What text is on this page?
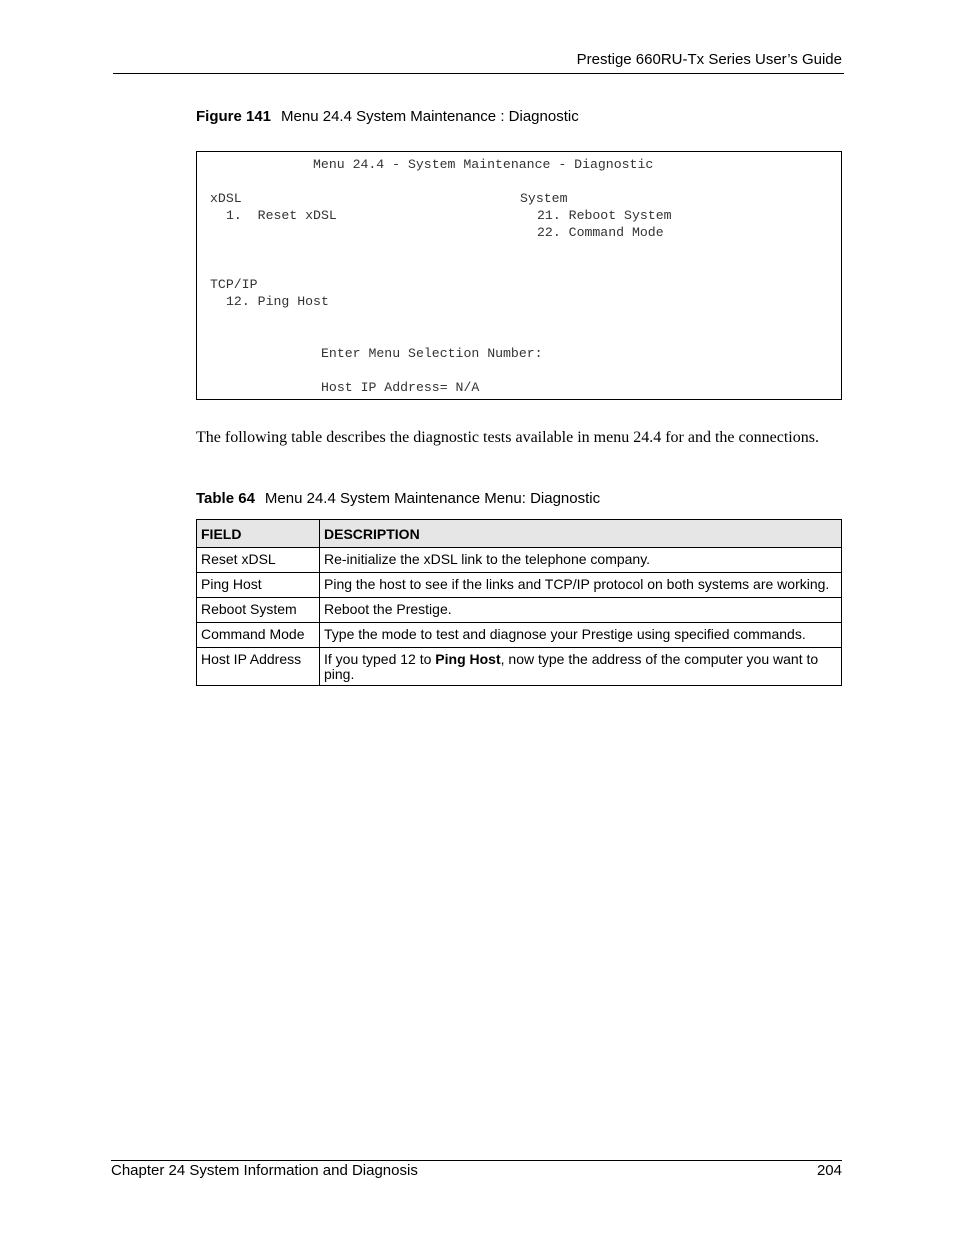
Prestige 660RU-Tx Series User’s Guide
Figure 141 Menu 24.4 System Maintenance : Diagnostic
Menu 24.4 - System Maintenance - Diagnostic
xDSL
1.  Reset xDSL
System
21. Reboot System
22. Command Mode
TCP/IP
12. Ping Host
Enter Menu Selection Number:
Host IP Address= N/A
The following table describes the diagnostic tests available in menu 24.4 for and the connections.
Table 64 Menu 24.4 System Maintenance Menu: Diagnostic
FIELD	DESCRIPTION
Reset xDSL	Re-initialize the xDSL link to the telephone company.
Ping Host	Ping the host to see if the links and TCP/IP protocol on both systems are working.
Reboot System	Reboot the Prestige.
Command Mode	Type the mode to test and diagnose your Prestige using specified commands.
Host IP Address	If you typed 12 to Ping Host, now type the address of the computer you want to ping.
Chapter 24 System Information and Diagnosis	204
